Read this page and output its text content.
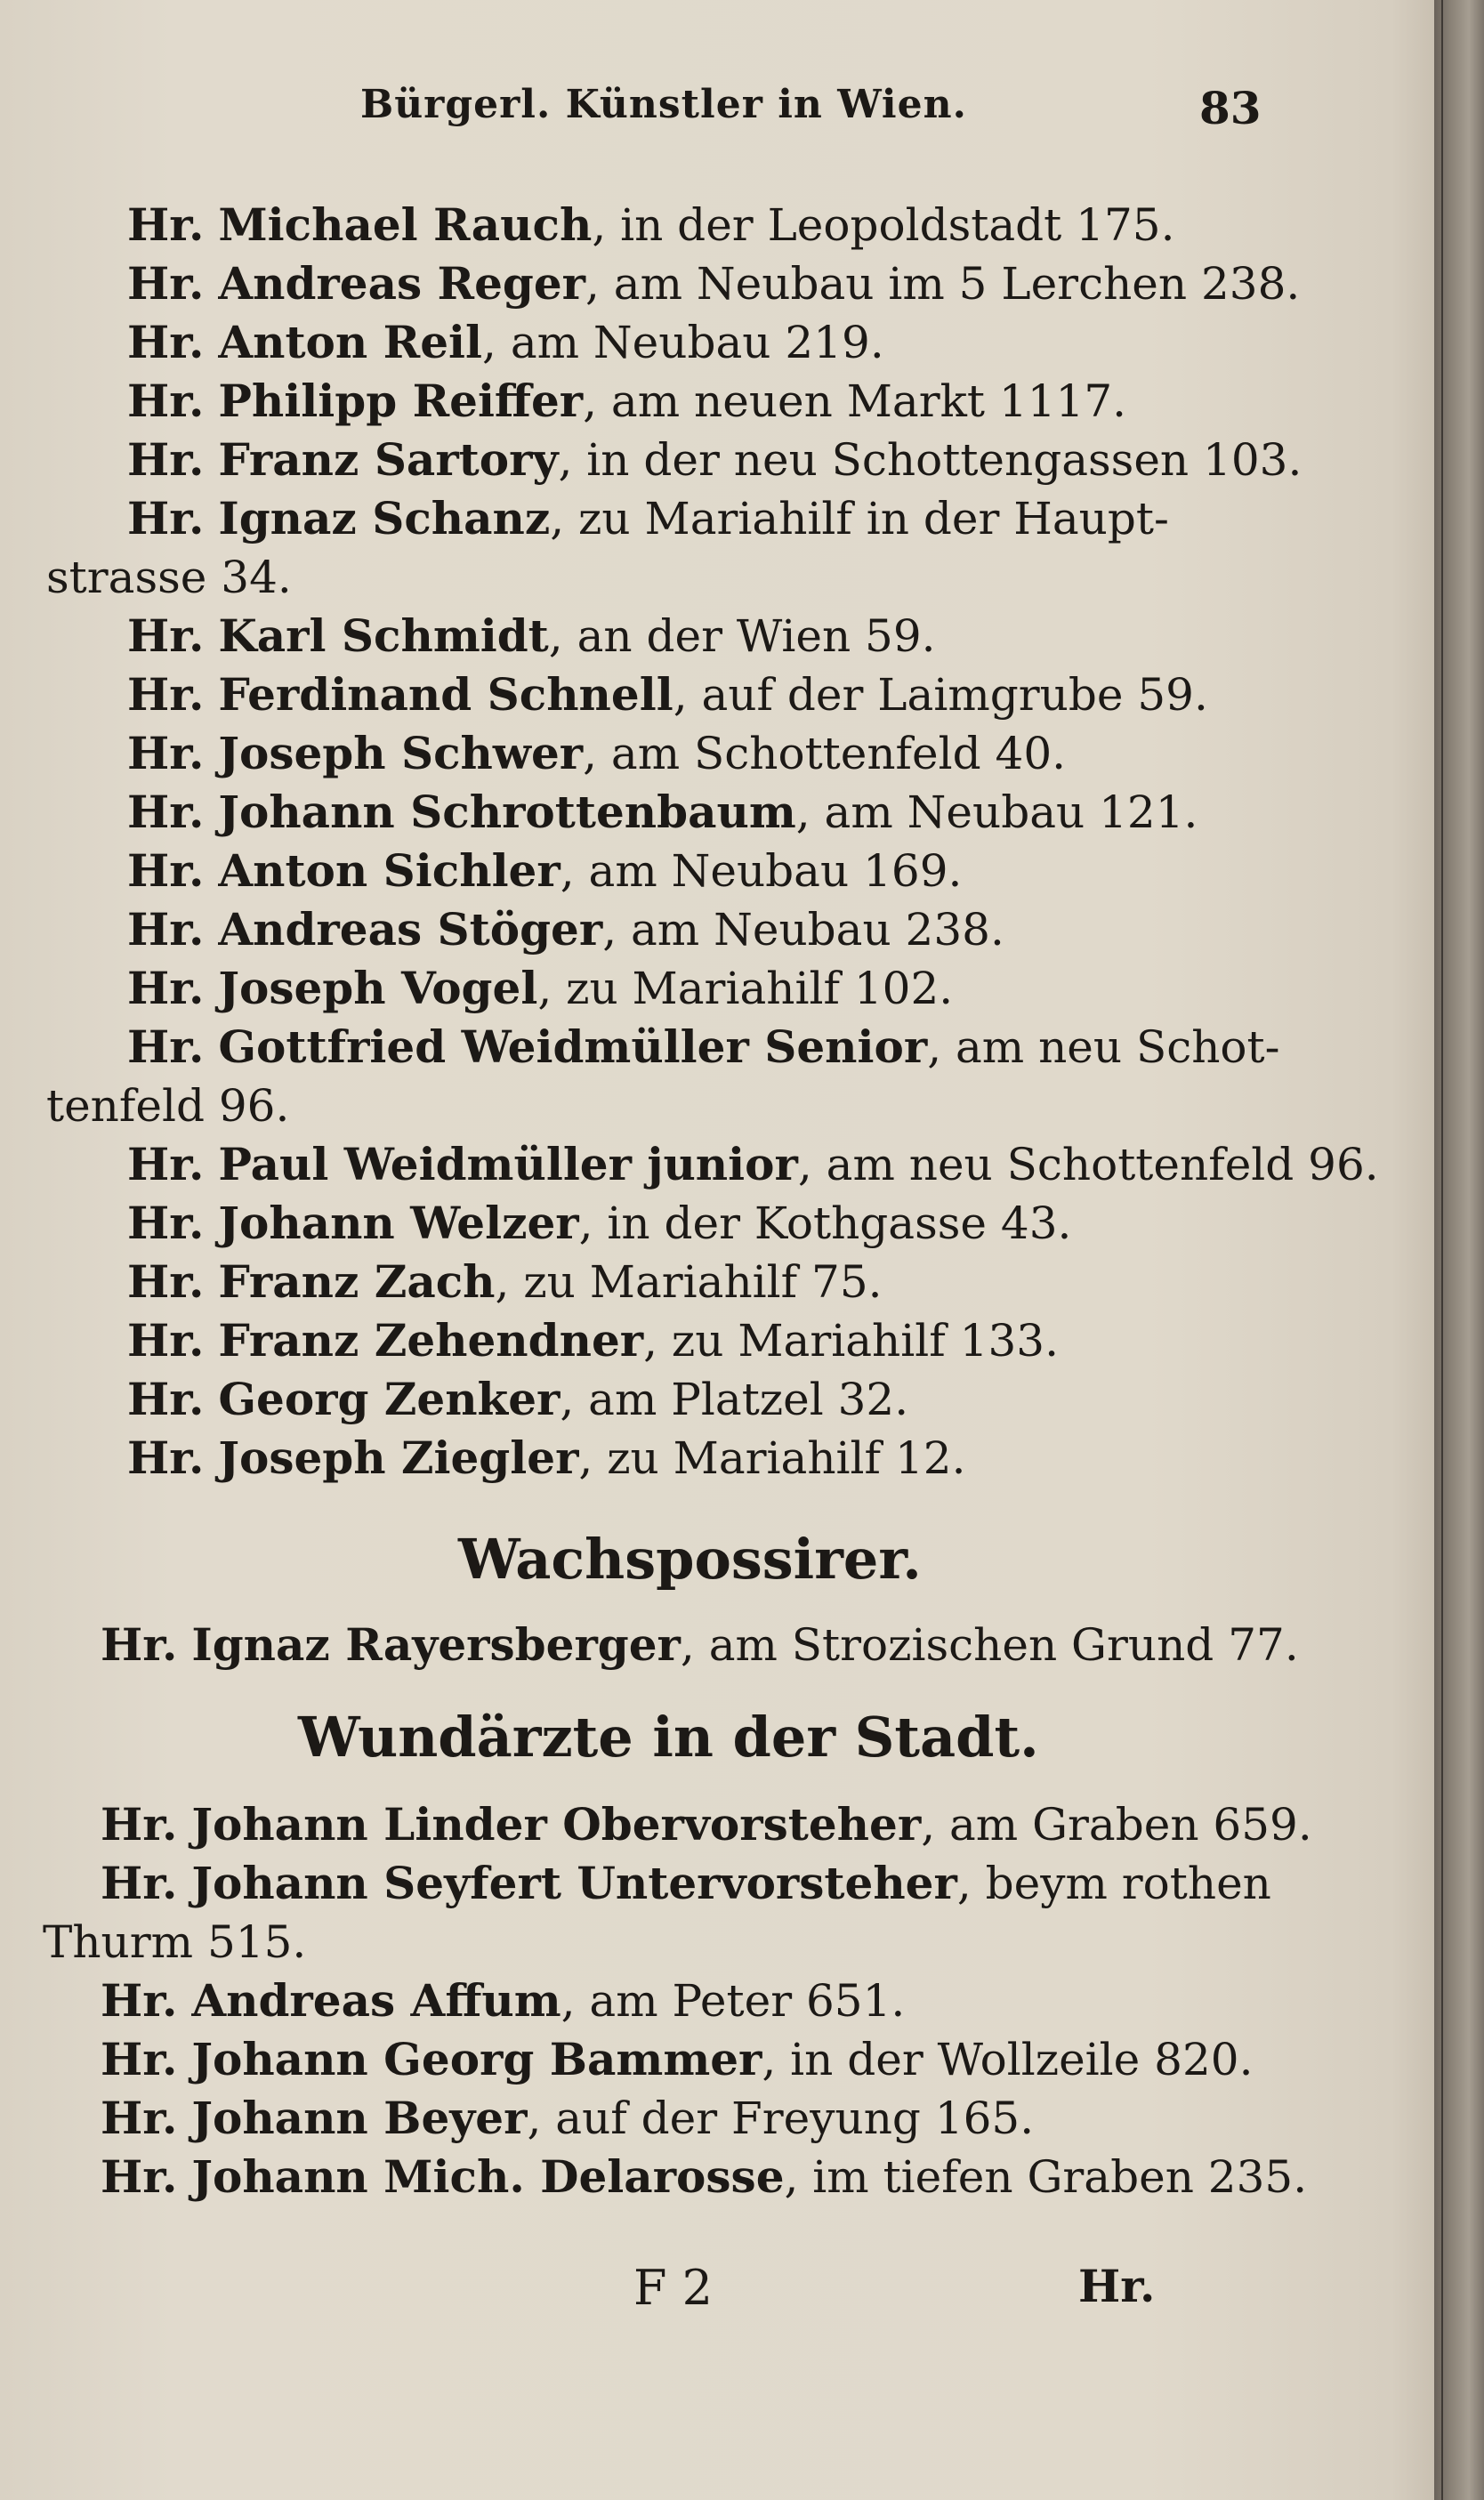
Bürgerl. Künstler in Wien.	83
Hr. Michael Rauch, in der Leopoldstadt 175.
Hr. Andreas Reger, am Neubau im 5 Lerchen 238.
Hr. Anton Reil, am Neubau 219.
Hr. Philipp Reiffer, am neuen Markt 1117.
Hr. Franz Sartory, in der neu Schottengassen 103.
Hr. Ignaz Schanz, zu Mariahilf in der Haupt-
strasse 34.
Hr. Karl Schmidt, an der Wien 59.
Hr. Ferdinand Schnell, auf der Laimgrube 59.
Hr. Joseph Schwer, am Schottenfeld 40.
Hr. Johann Schrottenbaum, am Neubau 121.
Hr. Anton Sichler, am Neubau 169.
Hr. Andreas Stöger, am Neubau 238.
Hr. Joseph Vogel, zu Mariahilf 102.
Hr. Gottfried Weidmüller Senior, am neu Schot-
tenfeld 96.
Hr. Paul Weidmüller junior, am neu Schottenfeld 96.
Hr. Johann Welzer, in der Kothgasse 43.
Hr. Franz Zach, zu Mariahilf 75.
Hr. Franz Zehendner, zu Mariahilf 133.
Hr. Georg Zenker, am Platzel 32.
Hr. Joseph Ziegler, zu Mariahilf 12.
Wachspossirer.
Hr. Ignaz Rayersberger, am Strozischen Grund 77.
Wundärzte in der Stadt.
Hr. Johann Linder Obervorsteher, am Graben 659.
Hr. Johann Seyfert Untervorsteher, beym rothen
Thurm 515.
Hr. Andreas Affum, am Peter 651.
Hr. Johann Georg Bammer, in der Wollzeile 820.
Hr. Johann Beyer, auf der Freyung 165.
Hr. Johann Mich. Delarosse, im tiefen Graben 235.
F 2	Hr.
